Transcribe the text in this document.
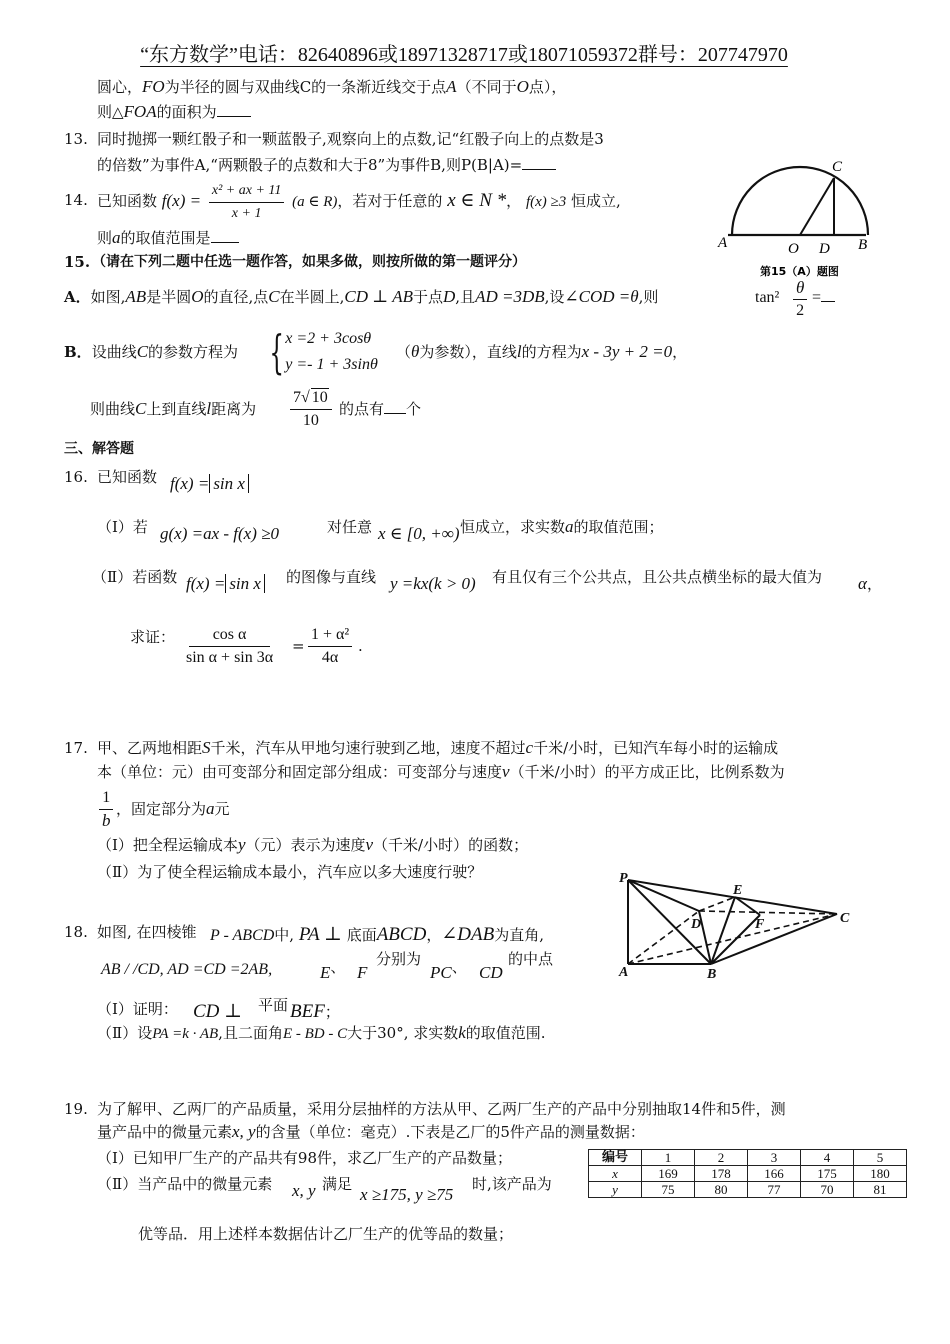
“东方数学”电话：82640896或18971328717或18071059372群号：207747970
圆心，FO为半径的圆与双曲线C的一条渐近线交于点A（不同于O点），
则△FOA的面积为
13. 同时抛掷一颗红骰子和一颗蓝骰子,观察向上的点数,记“红骰子向上的点数是3
的倍数”为事件A,“两颗骰子的点数和大于8”为事件B,则P(B|A)=
14. 已知函数 $f(x) = \frac{\text{x² + ax + 11}}{x + 1} (a$ ∈ R)，若对于任意的 x ∈ N *， f(x) ≥3 恒成立,
则a的取值范围是	A	O D B
C
第15（A）题图
15. （请在下列二题中任选一题作答，如果多做，则按所做的第一题评分）
A．如图,AB是半圆O的直径,点C在半圆上,CD ⊥ AB于点D,且AD =3DB,设∠COD =θ,则	$\tan^2 \frac{\theta}{2}$ =
B．设曲线C的参数方程为 { x =2 + 3cosθ
y =- 1 + 3sinθ
（θ为参数），直线l的方程为x - 3y + 2 =0，
则曲线C上到直线l距离为 $\frac{7√ 10}{10}$ 的点有 个
三、解答题
16. 已知函数 f(x) = sin x
（Ⅰ）若 g(x) =ax - f(x) ≥0	对任意 x ∈ [0, +∞) 恒成立，求实数a的取值范围；
（Ⅱ）若函数 f(x) = sin x 的图像与直线 y =kx(k > 0) 有且仅有三个公共点，且公共点横坐标的最大值为 α，
求证： $\frac{\text{cos α}}{\text{sin α + sin 3α}} = \frac{\text{1 + α²}}{4\alpha}$ .
17. 甲、乙两地相距S千米，汽车从甲地匀速行驶到乙地，速度不超过c千米/小时，已知汽车每小时的运输成
本（单位：元）由可变部分和固定部分组成：可变部分与速度v（千米/小时）的平方成正比，比例系数为
$\frac{1}{b}$ ，固定部分为a元
（Ⅰ）把全程运输成本y（元）表示为速度v（千米/小时）的函数；
（Ⅱ）为了使全程运输成本最小，汽车应以多大速度行驶？	P
E
D	F	C
A	B
18. 如图, 在四棱锥 P - ABCD中, PA ⊥ 底面ABCD，∠DAB为直角,
AB / /CD, AD =CD =2AB,	E、 F
分别为
PC、 CD
的中点
（Ⅰ）证明： CD ⊥ 平面 BEF；
（Ⅱ）设PA =k · AB,且二面角E - BD - C大于30°, 求实数k的取值范围.
19. 为了解甲、乙两厂的产品质量，采用分层抽样的方法从甲、乙两厂生产的产品中分别抽取14件和5件，测
量产品中的微量元素x, y的含量（单位：毫克）.下表是乙厂的5件产品的测量数据：
（Ⅰ）已知甲厂生产的产品共有98件，求乙厂生产的产品数量；
（Ⅱ）当产品中的微量元素 x, y 满足
x ≥175, y ≥75
时,该产品为
优等品．用上述样本数据估计乙厂生产的优等品的数量；
编号	1	2	3	4	5
x	169	178	166	175	180
y	75	80	77	70	81
